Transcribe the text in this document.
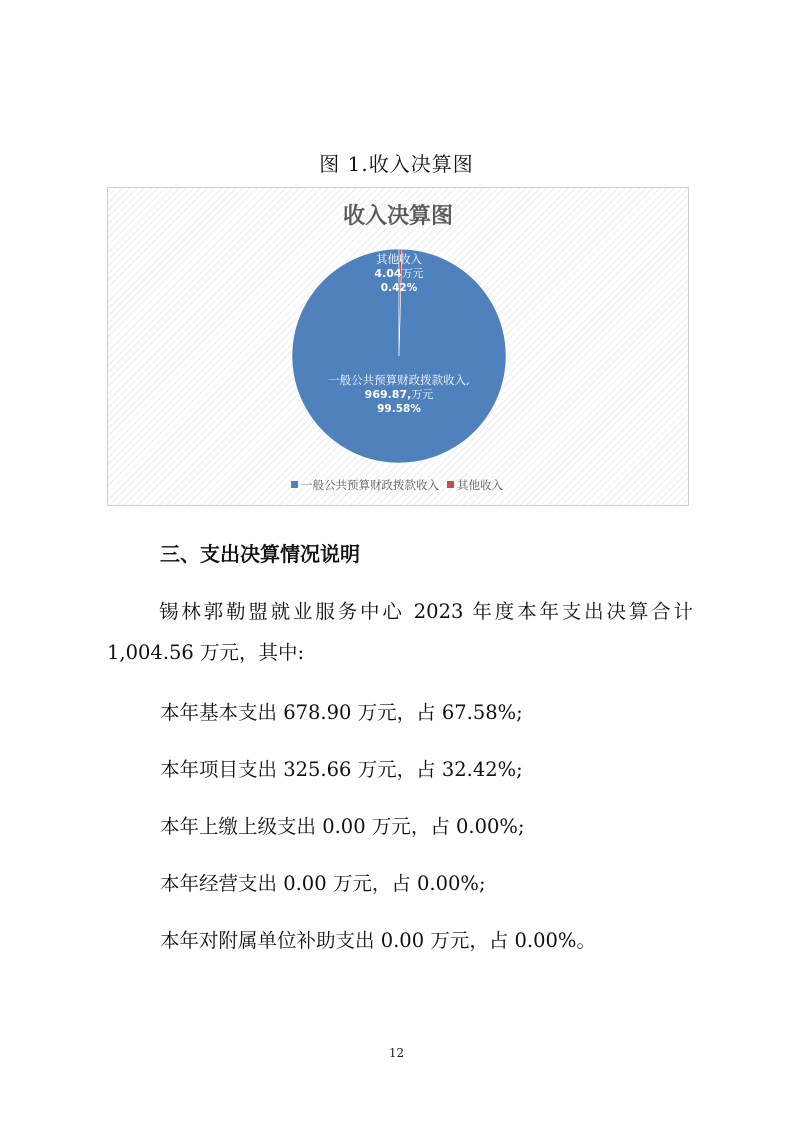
图 1.收入决算图
收入决算图
一般公共预算财政拨款收入,
969.87,万元
99.58%
其他收入
4.04万元
0.42%
一般公共预算财政拨款收入 其他收入
三、支出决算情况说明
锡林郭勒盟就业服务中心 2023 年度本年支出决算合计 1,004.56 万元，其中:
本年基本支出 678.90 万元，占 67.58%;
本年项目支出 325.66 万元，占 32.42%;
本年上缴上级支出 0.00 万元，占 0.00%;
本年经营支出 0.00 万元，占 0.00%;
本年对附属单位补助支出 0.00 万元，占 0.00%。
12
